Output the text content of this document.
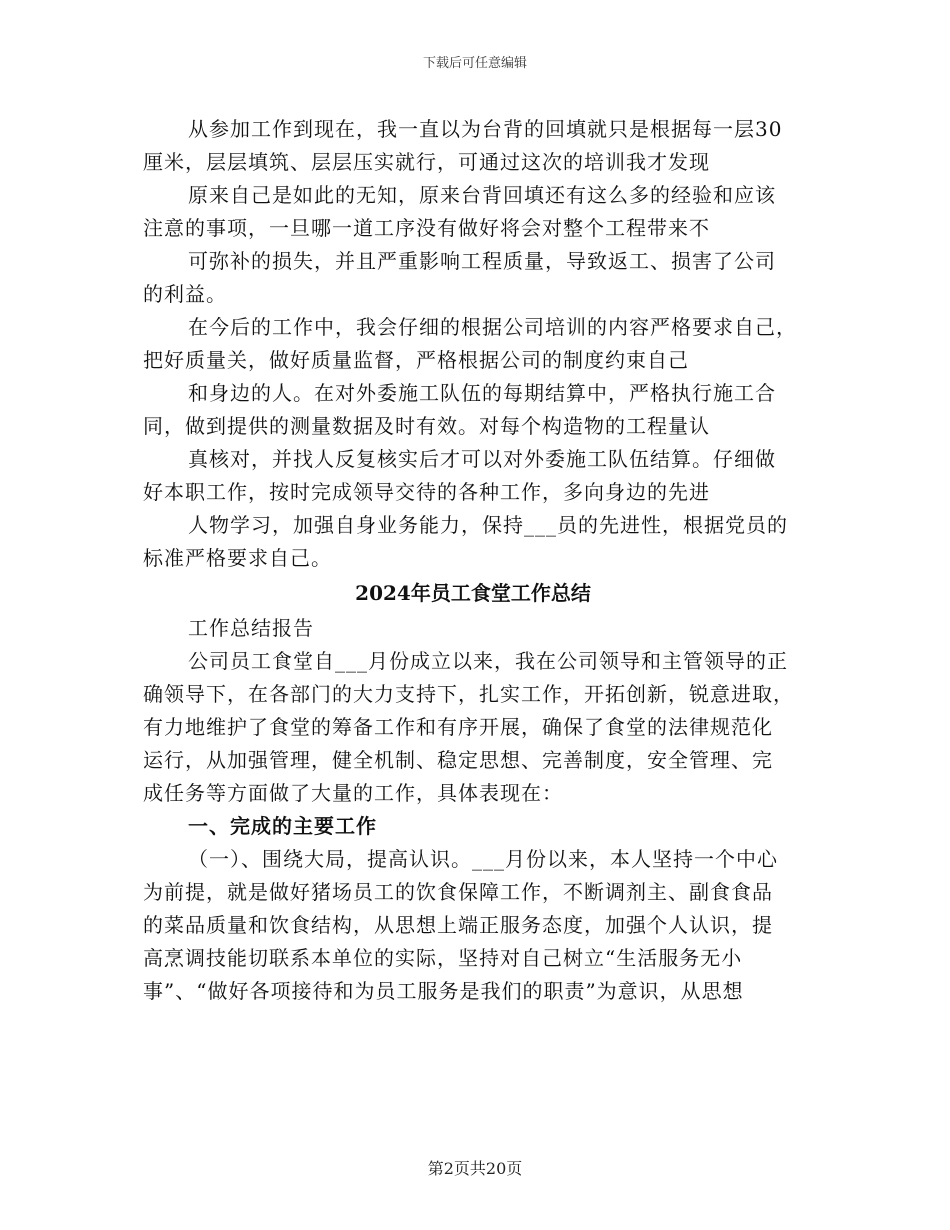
下载后可任意编辑
从参加工作到现在，我一直以为台背的回填就只是根据每一层30
厘米，层层填筑、层层压实就行，可通过这次的培训我才发现
原来自己是如此的无知，原来台背回填还有这么多的经验和应该
注意的事项，一旦哪一道工序没有做好将会对整个工程带来不
可弥补的损失，并且严重影响工程质量，导致返工、损害了公司
的利益。
在今后的工作中，我会仔细的根据公司培训的内容严格要求自己，
把好质量关，做好质量监督，严格根据公司的制度约束自己
和身边的人。在对外委施工队伍的每期结算中，严格执行施工合
同，做到提供的测量数据及时有效。对每个构造物的工程量认
真核对，并找人反复核实后才可以对外委施工队伍结算。仔细做
好本职工作，按时完成领导交待的各种工作，多向身边的先进
人物学习，加强自身业务能力，保持___员的先进性，根据党员的
标准严格要求自己。
2024年员工食堂工作总结
工作总结报告
公司员工食堂自___月份成立以来，我在公司领导和主管领导的正
确领导下，在各部门的大力支持下，扎实工作，开拓创新，锐意进取，
有力地维护了食堂的筹备工作和有序开展，确保了食堂的法律规范化
运行，从加强管理，健全机制、稳定思想、完善制度，安全管理、完
成任务等方面做了大量的工作，具体表现在：
一、完成的主要工作
（一）、围绕大局，提高认识。___月份以来，本人坚持一个中心
为前提，就是做好猪场员工的饮食保障工作，不断调剂主、副食食品
的菜品质量和饮食结构，从思想上端正服务态度，加强个人认识，提
高烹调技能切联系本单位的实际，坚持对自己树立“生活服务无小
事”、“做好各项接待和为员工服务是我们的职责”为意识，从思想
第2页共20页
